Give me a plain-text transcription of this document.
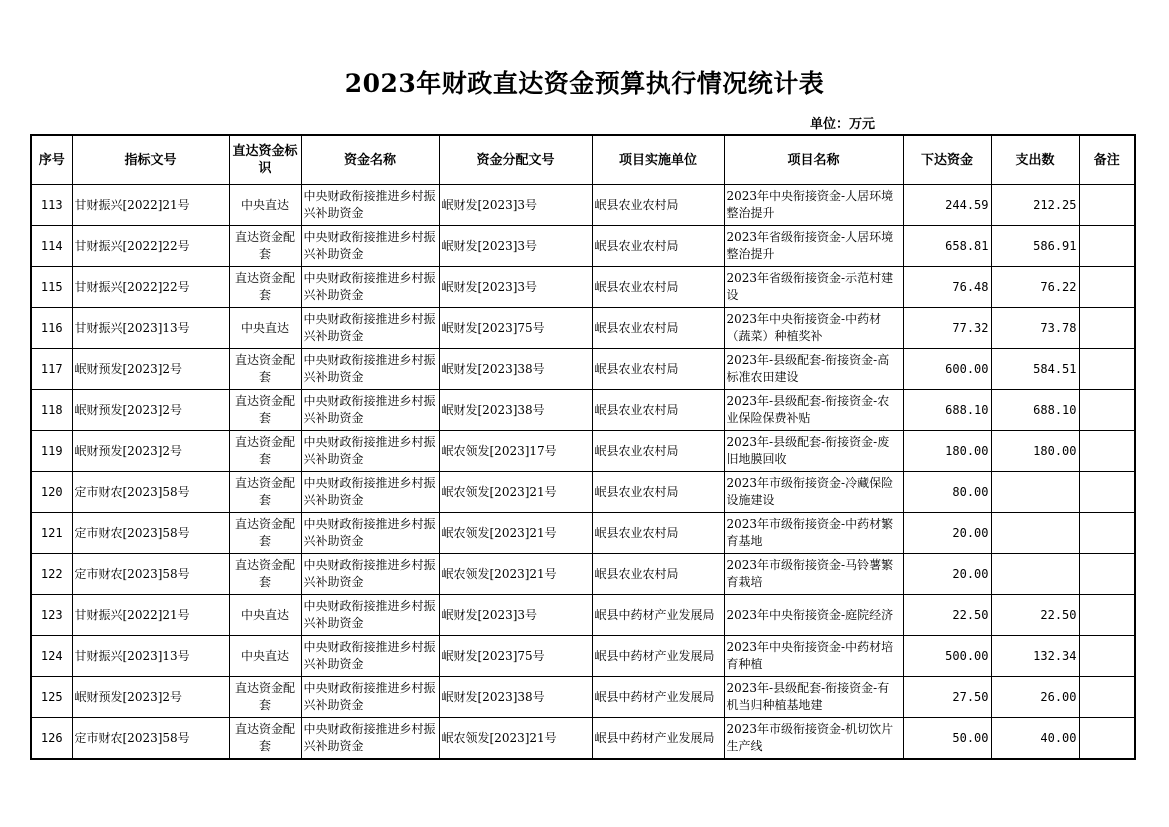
2023年财政直达资金预算执行情况统计表
单位：万元
序号	指标文号	直达资金标识	资金名称	资金分配文号	项目实施单位	项目名称	下达资金	支出数	备注
113	甘财振兴[2022]21号	中央直达	中央财政衔接推进乡村振兴补助资金	岷财发[2023]3号	岷县农业农村局	2023年中央衔接资金-人居环境整治提升	244.59	212.25	
114	甘财振兴[2022]22号	直达资金配套	中央财政衔接推进乡村振兴补助资金	岷财发[2023]3号	岷县农业农村局	2023年省级衔接资金-人居环境整治提升	658.81	586.91	
115	甘财振兴[2022]22号	直达资金配套	中央财政衔接推进乡村振兴补助资金	岷财发[2023]3号	岷县农业农村局	2023年省级衔接资金-示范村建设	76.48	76.22	
116	甘财振兴[2023]13号	中央直达	中央财政衔接推进乡村振兴补助资金	岷财发[2023]75号	岷县农业农村局	2023年中央衔接资金-中药材（蔬菜）种植奖补	77.32	73.78	
117	岷财预发[2023]2号	直达资金配套	中央财政衔接推进乡村振兴补助资金	岷财发[2023]38号	岷县农业农村局	2023年-县级配套-衔接资金-高标准农田建设	600.00	584.51	
118	岷财预发[2023]2号	直达资金配套	中央财政衔接推进乡村振兴补助资金	岷财发[2023]38号	岷县农业农村局	2023年-县级配套-衔接资金-农业保险保费补贴	688.10	688.10	
119	岷财预发[2023]2号	直达资金配套	中央财政衔接推进乡村振兴补助资金	岷农领发[2023]17号	岷县农业农村局	2023年-县级配套-衔接资金-废旧地膜回收	180.00	180.00	
120	定市财农[2023]58号	直达资金配套	中央财政衔接推进乡村振兴补助资金	岷农领发[2023]21号	岷县农业农村局	2023年市级衔接资金-冷藏保险设施建设	80.00		
121	定市财农[2023]58号	直达资金配套	中央财政衔接推进乡村振兴补助资金	岷农领发[2023]21号	岷县农业农村局	2023年市级衔接资金-中药材繁育基地	20.00		
122	定市财农[2023]58号	直达资金配套	中央财政衔接推进乡村振兴补助资金	岷农领发[2023]21号	岷县农业农村局	2023年市级衔接资金-马铃薯繁育栽培	20.00		
123	甘财振兴[2022]21号	中央直达	中央财政衔接推进乡村振兴补助资金	岷财发[2023]3号	岷县中药材产业发展局	2023年中央衔接资金-庭院经济	22.50	22.50	
124	甘财振兴[2023]13号	中央直达	中央财政衔接推进乡村振兴补助资金	岷财发[2023]75号	岷县中药材产业发展局	2023年中央衔接资金-中药材培育种植	500.00	132.34	
125	岷财预发[2023]2号	直达资金配套	中央财政衔接推进乡村振兴补助资金	岷财发[2023]38号	岷县中药材产业发展局	2023年-县级配套-衔接资金-有机当归种植基地建	27.50	26.00	
126	定市财农[2023]58号	直达资金配套	中央财政衔接推进乡村振兴补助资金	岷农领发[2023]21号	岷县中药材产业发展局	2023年市级衔接资金-机切饮片生产线	50.00	40.00	
